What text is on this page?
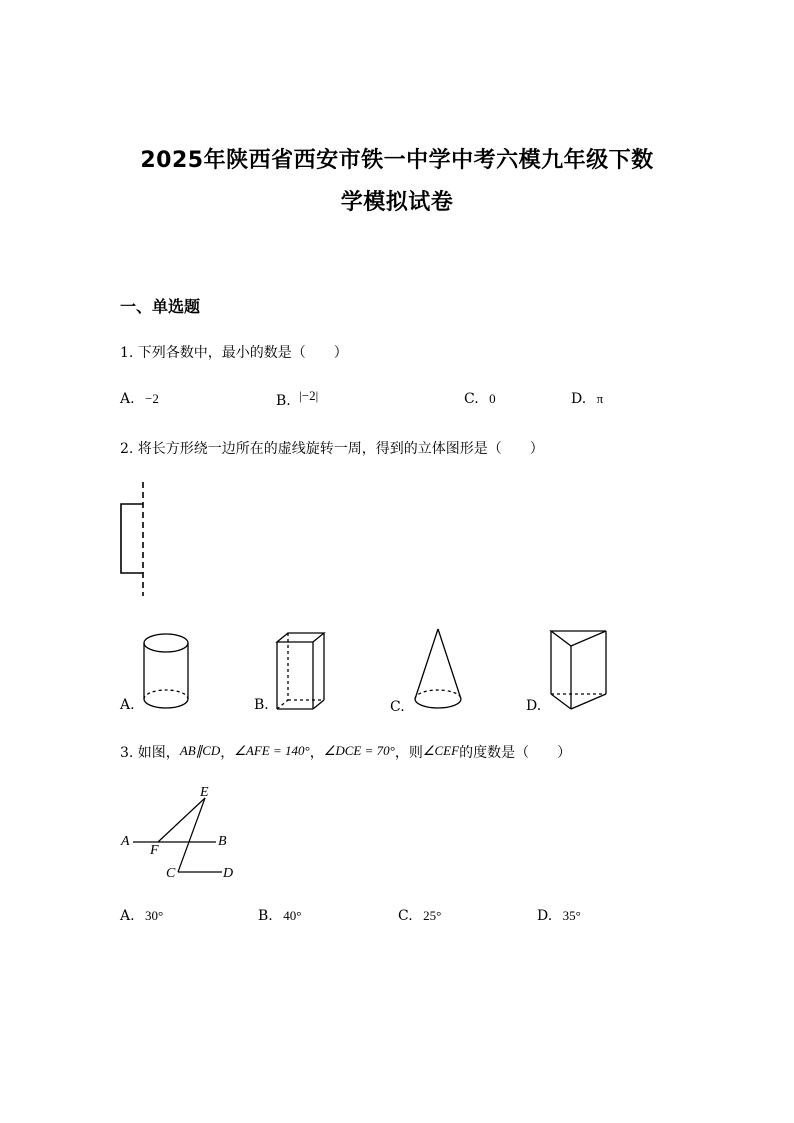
2025年陕西省西安市铁一中学中考六模九年级下数
学模拟试卷
一、单选题
1. 下列各数中，最小的数是（　　）
A. −2	B. |−2|	C. 0	D. π
2. 将长方形绕一边所在的虚线旋转一周，得到的立体图形是（　　）
A.	B.	C.	D.
3. 如图，AB∥CD，∠AFE = 140°，∠DCE = 70°，则∠CEF的度数是（　　）
E
A	B
F
C	D
A. 30°	B. 40°	C. 25°	D. 35°
